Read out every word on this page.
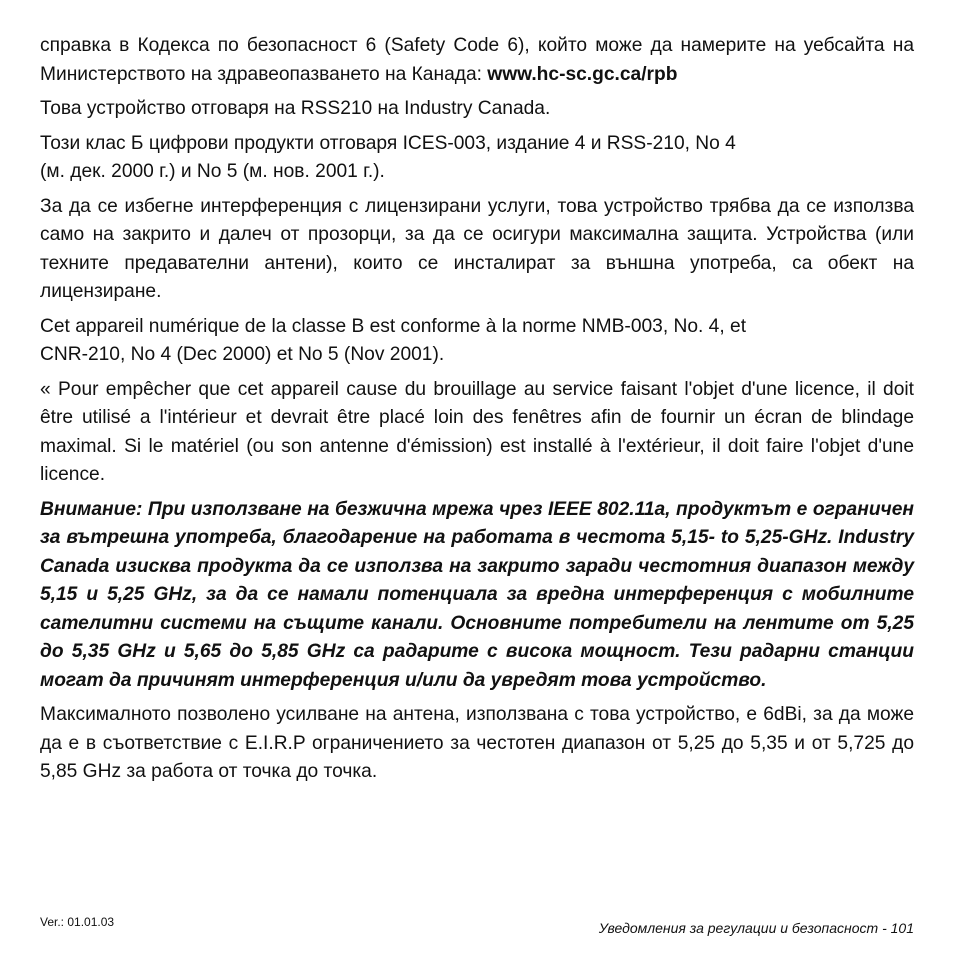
справка в Кодекса по безопасност 6 (Safety Code 6), който може да намерите на уебсайта на Министерството на здравеопазването на Канада: www.hc-sc.gc.ca/rpb

Това устройство отговаря на RSS210 на Industry Canada.

Този клас Б цифрови продукти отговаря ICES-003, издание 4 и RSS-210, No 4
(м. дек. 2000 г.) и No 5 (м. нов. 2001 г.).

За да се избегне интерференция с лицензирани услуги, това устройство трябва да се използва само на закрито и далеч от прозорци, за да се осигури максимална защита. Устройства (или техните предавателни антени), които се инсталират за външна употреба, са обект на лицензиране.

Cet appareil numérique de la classe B est conforme à la norme NMB-003, No. 4, et
CNR-210, No 4 (Dec 2000) et No 5 (Nov 2001).

« Pour empêcher que cet appareil cause du brouillage au service faisant l'objet d'une licence, il doit être utilisé a l'intérieur et devrait être placé loin des fenêtres afin de fournir un écran de blindage maximal. Si le matériel (ou son antenne d'émission) est installé à l'extérieur, il doit faire l'objet d'une licence.

Внимание: При използване на безжична мрежа чрез IEEE 802.11a, продуктът е ограничен за вътрешна употреба, благодарение на работата в честота 5,15- to 5,25-GHz. Industry Canada изисква продукта да се използва на закрито заради честотния диапазон между 5,15 и 5,25 GHz, за да се намали потенциала за вредна интерференция с мобилните сателитни системи на същите канали. Основните потребители на лентите от 5,25 до 5,35 GHz и 5,65 до 5,85 GHz са радарите с висока мощност. Тези радарни станции могат да причинят интерференция и/или да увредят това устройство.

Максималното позволено усилване на антена, използвана с това устройство, е 6dBi, за да може да е в съответствие с E.I.R.P ограничението за честотен диапазон от 5,25 до 5,35 и от 5,725 до 5,85 GHz за работа от точка до точка.

Ver.: 01.01.03	Уведомления за регулации и безопасност - 101
